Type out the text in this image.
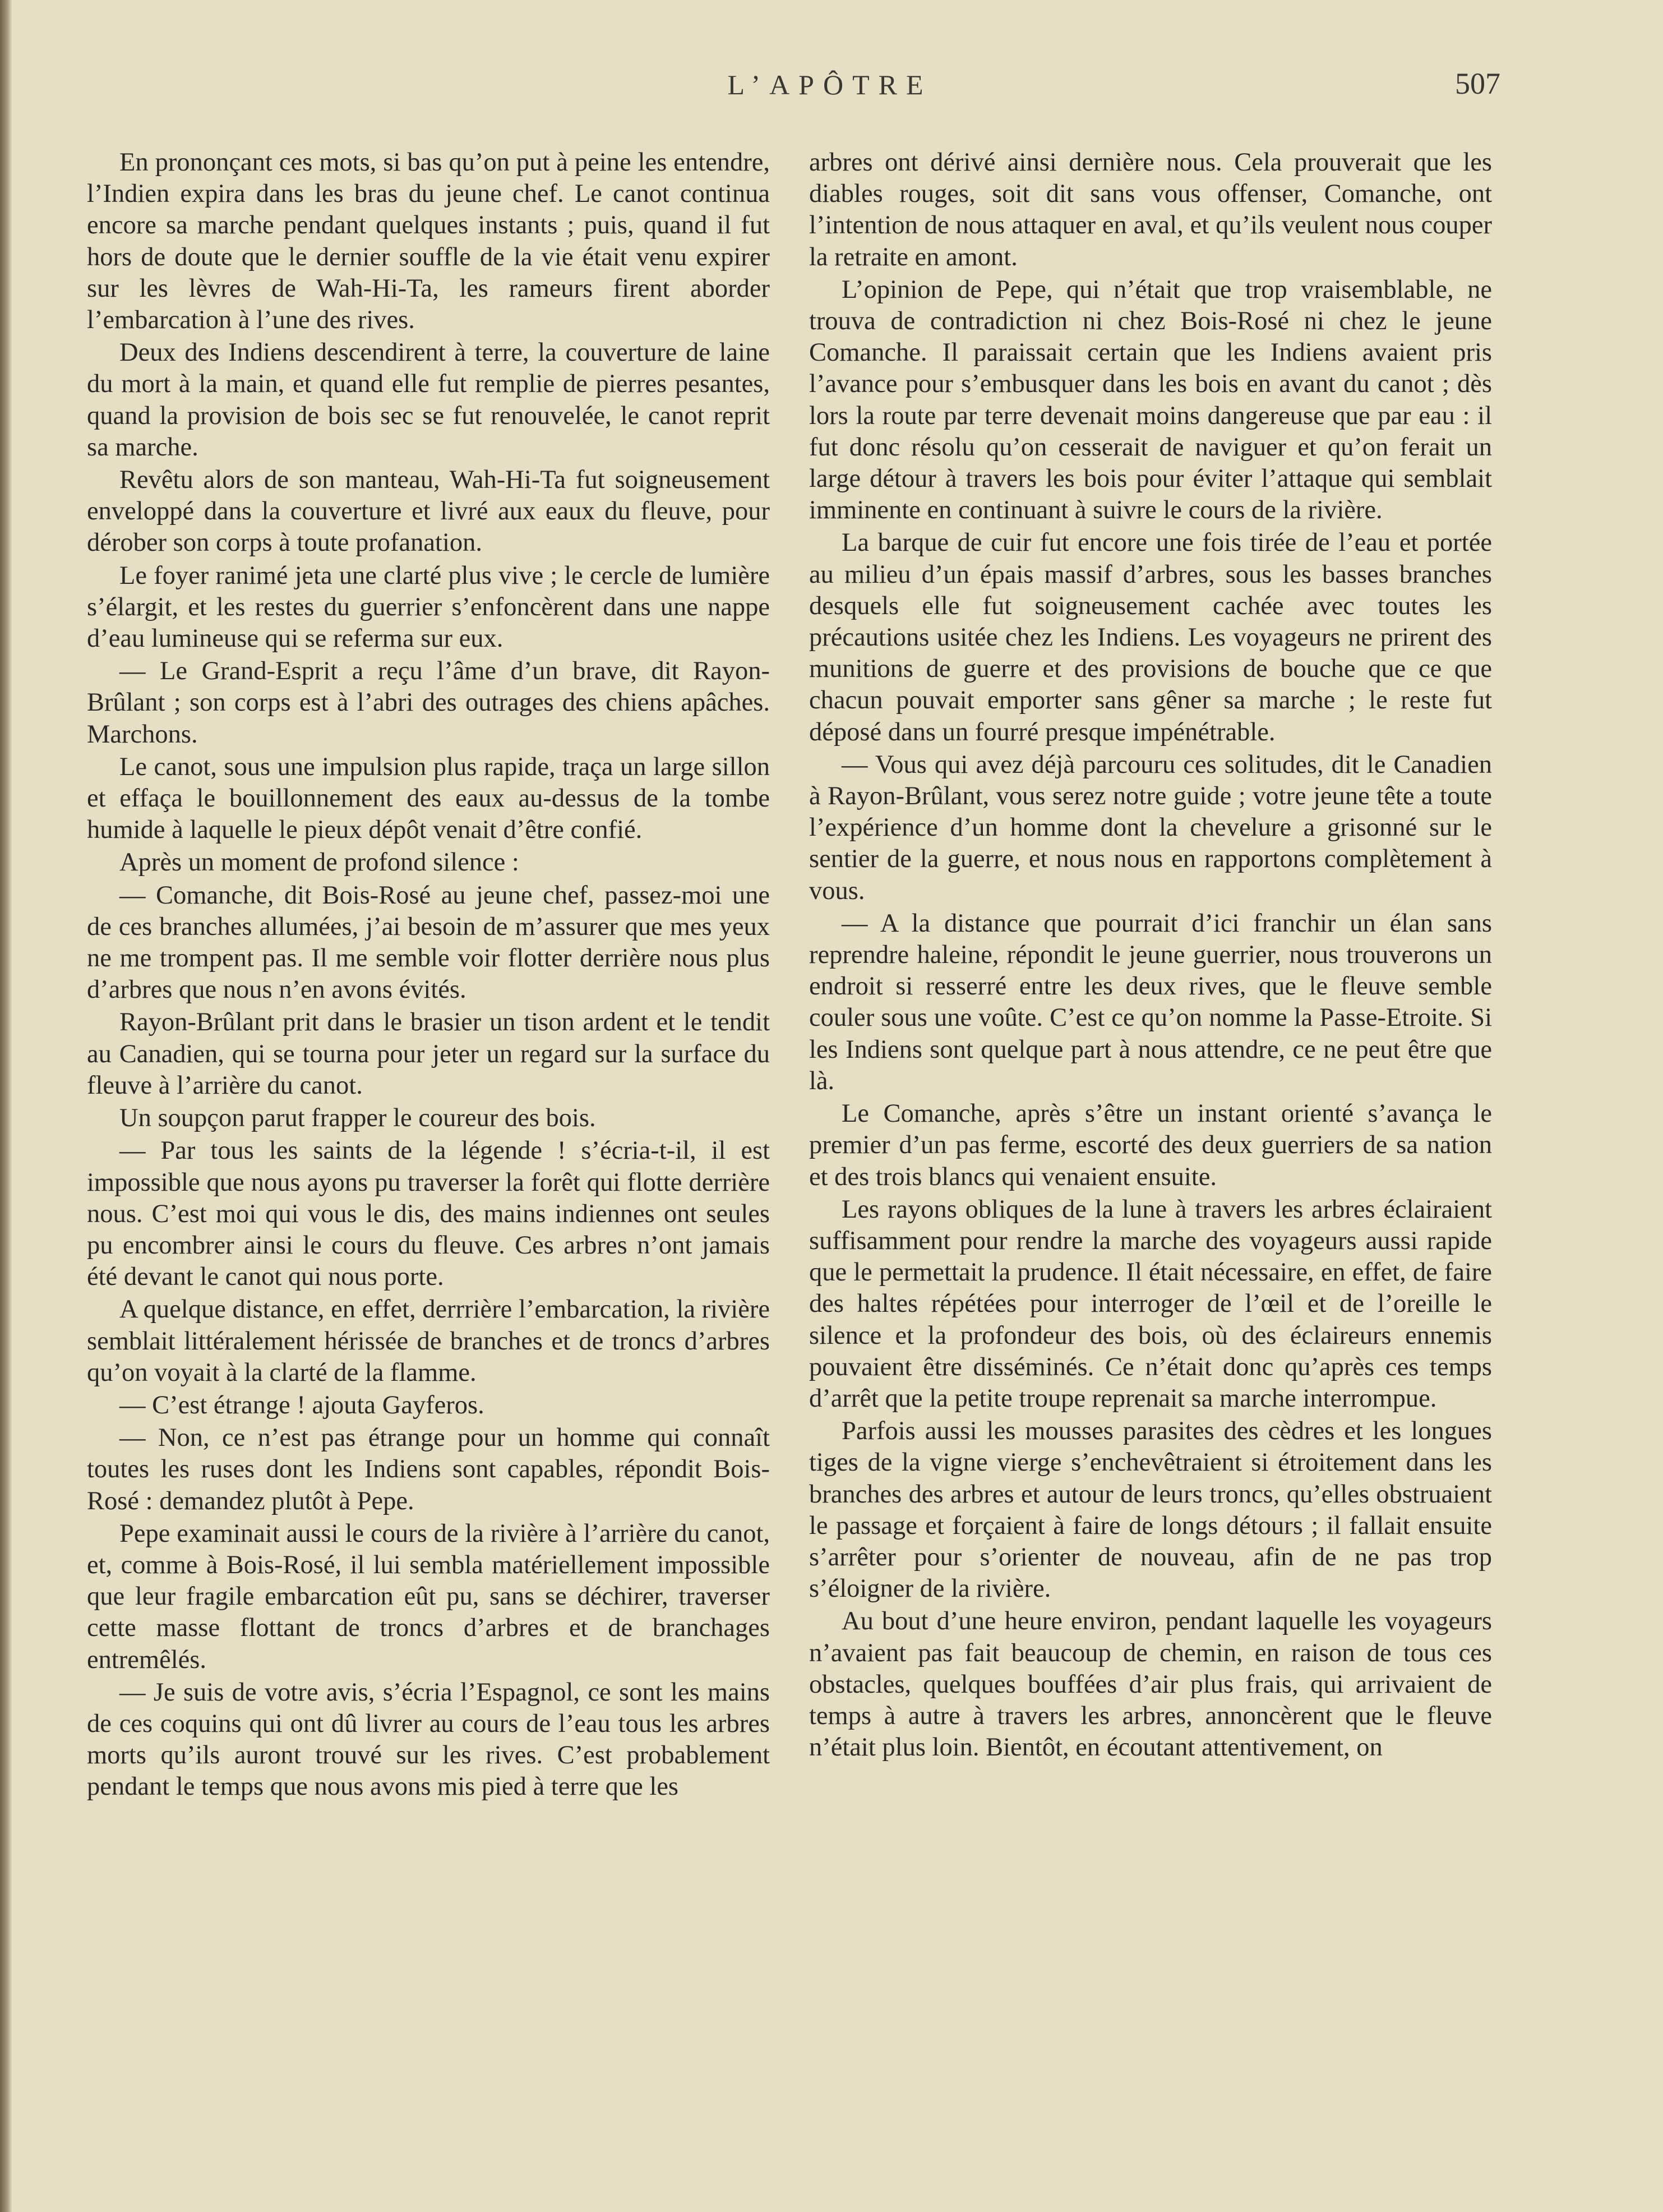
L’APÔTRE	507

En prononçant ces mots, si bas qu’on put à peine les entendre, l’Indien expira dans les bras du jeune chef. Le canot continua encore sa marche pendant quelques instants ; puis, quand il fut hors de doute que le dernier souffle de la vie était venu expirer sur les lèvres de Wah-Hi-Ta, les rameurs firent aborder l’embarcation à l’une des rives.

Deux des Indiens descendirent à terre, la couverture de laine du mort à la main, et quand elle fut remplie de pierres pesantes, quand la provision de bois sec se fut renouvelée, le canot reprit sa marche.

Revêtu alors de son manteau, Wah-Hi-Ta fut soigneusement enveloppé dans la couverture et livré aux eaux du fleuve, pour dérober son corps à toute profanation.

Le foyer ranimé jeta une clarté plus vive ; le cercle de lumière s’élargit, et les restes du guerrier s’enfoncèrent dans une nappe d’eau lumineuse qui se referma sur eux.

— Le Grand-Esprit a reçu l’âme d’un brave, dit Rayon-Brûlant ; son corps est à l’abri des outrages des chiens apâches. Marchons.

Le canot, sous une impulsion plus rapide, traça un large sillon et effaça le bouillonnement des eaux au-dessus de la tombe humide à laquelle le pieux dépôt venait d’être confié.

Après un moment de profond silence :

— Comanche, dit Bois-Rosé au jeune chef, passez-moi une de ces branches allumées, j’ai besoin de m’assurer que mes yeux ne me trompent pas. Il me semble voir flotter derrière nous plus d’arbres que nous n’en avons évités.

Rayon-Brûlant prit dans le brasier un tison ardent et le tendit au Canadien, qui se tourna pour jeter un regard sur la surface du fleuve à l’arrière du canot.

Un soupçon parut frapper le coureur des bois.

— Par tous les saints de la légende ! s’écria-t-il, il est impossible que nous ayons pu traverser la forêt qui flotte derrière nous. C’est moi qui vous le dis, des mains indiennes ont seules pu encombrer ainsi le cours du fleuve. Ces arbres n’ont jamais été devant le canot qui nous porte.

A quelque distance, en effet, derrrière l’embarcation, la rivière semblait littéralement hérissée de branches et de troncs d’arbres qu’on voyait à la clarté de la flamme.

— C’est étrange ! ajouta Gayferos.

— Non, ce n’est pas étrange pour un homme qui connaît toutes les ruses dont les Indiens sont capables, répondit Bois-Rosé : demandez plutôt à Pepe.

Pepe examinait aussi le cours de la rivière à l’arrière du canot, et, comme à Bois-Rosé, il lui sembla matériellement impossible que leur fragile embarcation eût pu, sans se déchirer, traverser cette masse flottant de troncs d’arbres et de branchages entremêlés.

— Je suis de votre avis, s’écria l’Espagnol, ce sont les mains de ces coquins qui ont dû livrer au cours de l’eau tous les arbres morts qu’ils auront trouvé sur les rives. C’est probablement pendant le temps que nous avons mis pied à terre que les

arbres ont dérivé ainsi dernière nous. Cela prouverait que les diables rouges, soit dit sans vous offenser, Comanche, ont l’intention de nous attaquer en aval, et qu’ils veulent nous couper la retraite en amont.

L’opinion de Pepe, qui n’était que trop vraisemblable, ne trouva de contradiction ni chez Bois-Rosé ni chez le jeune Comanche. Il paraissait certain que les Indiens avaient pris l’avance pour s’embusquer dans les bois en avant du canot ; dès lors la route par terre devenait moins dangereuse que par eau : il fut donc résolu qu’on cesserait de naviguer et qu’on ferait un large détour à travers les bois pour éviter l’attaque qui semblait imminente en continuant à suivre le cours de la rivière.

La barque de cuir fut encore une fois tirée de l’eau et portée au milieu d’un épais massif d’arbres, sous les basses branches desquels elle fut soigneusement cachée avec toutes les précautions usitée chez les Indiens. Les voyageurs ne prirent des munitions de guerre et des provisions de bouche que ce que chacun pouvait emporter sans gêner sa marche ; le reste fut déposé dans un fourré presque impénétrable.

— Vous qui avez déjà parcouru ces solitudes, dit le Canadien à Rayon-Brûlant, vous serez notre guide ; votre jeune tête a toute l’expérience d’un homme dont la chevelure a grisonné sur le sentier de la guerre, et nous nous en rapportons complètement à vous.

— A la distance que pourrait d’ici franchir un élan sans reprendre haleine, répondit le jeune guerrier, nous trouverons un endroit si resserré entre les deux rives, que le fleuve semble couler sous une voûte. C’est ce qu’on nomme la Passe-Etroite. Si les Indiens sont quelque part à nous attendre, ce ne peut être que là.

Le Comanche, après s’être un instant orienté s’avança le premier d’un pas ferme, escorté des deux guerriers de sa nation et des trois blancs qui venaient ensuite.

Les rayons obliques de la lune à travers les arbres éclairaient suffisamment pour rendre la marche des voyageurs aussi rapide que le permettait la prudence. Il était nécessaire, en effet, de faire des haltes répétées pour interroger de l’œil et de l’oreille le silence et la profondeur des bois, où des éclaireurs ennemis pouvaient être disséminés. Ce n’était donc qu’après ces temps d’arrêt que la petite troupe reprenait sa marche interrompue.

Parfois aussi les mousses parasites des cèdres et les longues tiges de la vigne vierge s’enchevêtraient si étroitement dans les branches des arbres et autour de leurs troncs, qu’elles obstruaient le passage et forçaient à faire de longs détours ; il fallait ensuite s’arrêter pour s’orienter de nouveau, afin de ne pas trop s’éloigner de la rivière.

Au bout d’une heure environ, pendant laquelle les voyageurs n’avaient pas fait beaucoup de chemin, en raison de tous ces obstacles, quelques bouffées d’air plus frais, qui arrivaient de temps à autre à travers les arbres, annoncèrent que le fleuve n’était plus loin. Bientôt, en écoutant attentivement, on
